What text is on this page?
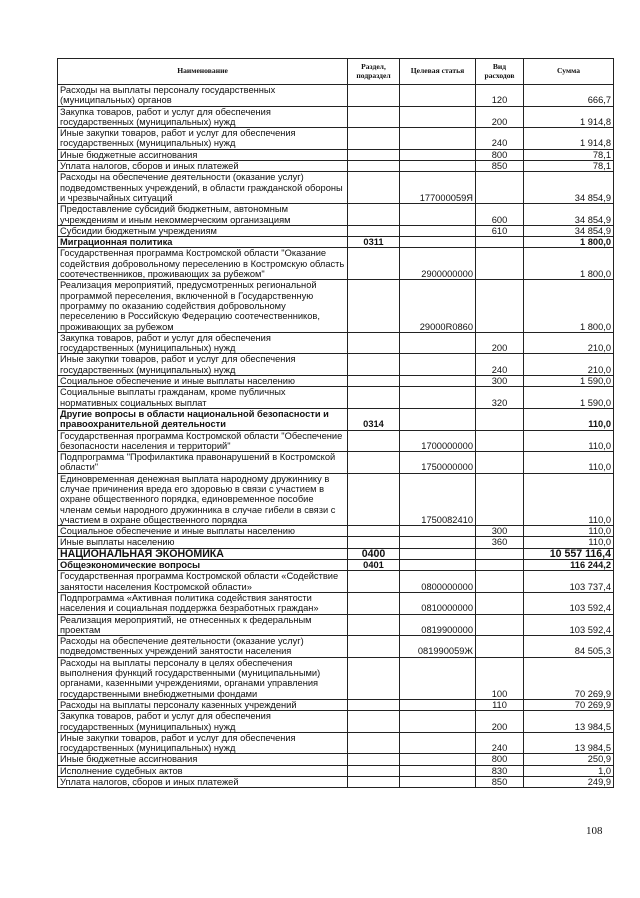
Наименование	Раздел, подраздел	Целевая статья	Вид расходов	Сумма
Расходы на выплаты персоналу государственных (муниципальных) органов			120	666,7
Закупка товаров, работ и услуг для обеспечения государственных (муниципальных) нужд			200	1 914,8
Иные закупки товаров, работ и услуг для обеспечения государственных (муниципальных) нужд			240	1 914,8
Иные бюджетные ассигнования			800	78,1
Уплата налогов, сборов и иных платежей			850	78,1
Расходы на обеспечение деятельности (оказание услуг) подведомственных учреждений, в области гражданской обороны и чрезвычайных ситуаций		177000059Я		34 854,9
Предоставление субсидий бюджетным, автономным учреждениям и иным некоммерческим организациям			600	34 854,9
Субсидии бюджетным учреждениям			610	34 854,9
Миграционная политика	0311			1 800,0
Государственная программа Костромской области "Оказание содействия добровольному переселению в Костромскую область соотечественников, проживающих за рубежом"		2900000000		1 800,0
Реализация мероприятий, предусмотренных региональной программой переселения, включенной в Государственную программу по оказанию содействия добровольному переселению в Российскую Федерацию соотечественников, проживающих за рубежом		29000R0860		1 800,0
Закупка товаров, работ и услуг для обеспечения государственных (муниципальных) нужд			200	210,0
Иные закупки товаров, работ и услуг для обеспечения государственных (муниципальных) нужд			240	210,0
Социальное обеспечение и иные выплаты населению			300	1 590,0
Социальные выплаты гражданам, кроме публичных нормативных социальных выплат			320	1 590,0
Другие вопросы в области национальной безопасности и правоохранительной деятельности	0314			110,0
Государственная программа Костромской области "Обеспечение безопасности населения и территорий"		1700000000		110,0
Подпрограмма "Профилактика правонарушений в Костромской области"		1750000000		110,0
Единовременная денежная выплата народному дружиннику в случае причинения вреда его здоровью в связи с участием в охране общественного порядка, единовременное пособие членам семьи народного дружинника в случае гибели в связи с участием в охране общественного порядка		1750082410		110,0
Социальное обеспечение и иные выплаты населению			300	110,0
Иные выплаты населению			360	110,0
НАЦИОНАЛЬНАЯ ЭКОНОМИКА	0400			10 557 116,4
Общеэкономические вопросы	0401			116 244,2
Государственная программа Костромской области «Содействие занятости населения Костромской области»		0800000000		103 737,4
Подпрограмма «Активная политика содействия занятости населения и социальная поддержка безработных граждан»		0810000000		103 592,4
Реализация мероприятий, не отнесенных к федеральным проектам		0819900000		103 592,4
Расходы на обеспечение деятельности (оказание услуг) подведомственных учреждений занятости населения		081990059Ж		84 505,3
Расходы на выплаты персоналу в целях обеспечения выполнения функций государственными (муниципальными) органами, казенными учреждениями, органами управления государственными внебюджетными фондами			100	70 269,9
Расходы на выплаты персоналу казенных учреждений			110	70 269,9
Закупка товаров, работ и услуг для обеспечения государственных (муниципальных) нужд			200	13 984,5
Иные закупки товаров, работ и услуг для обеспечения государственных (муниципальных) нужд			240	13 984,5
Иные бюджетные ассигнования			800	250,9
Исполнение судебных актов			830	1,0
Уплата налогов, сборов и иных платежей			850	249,9
108
